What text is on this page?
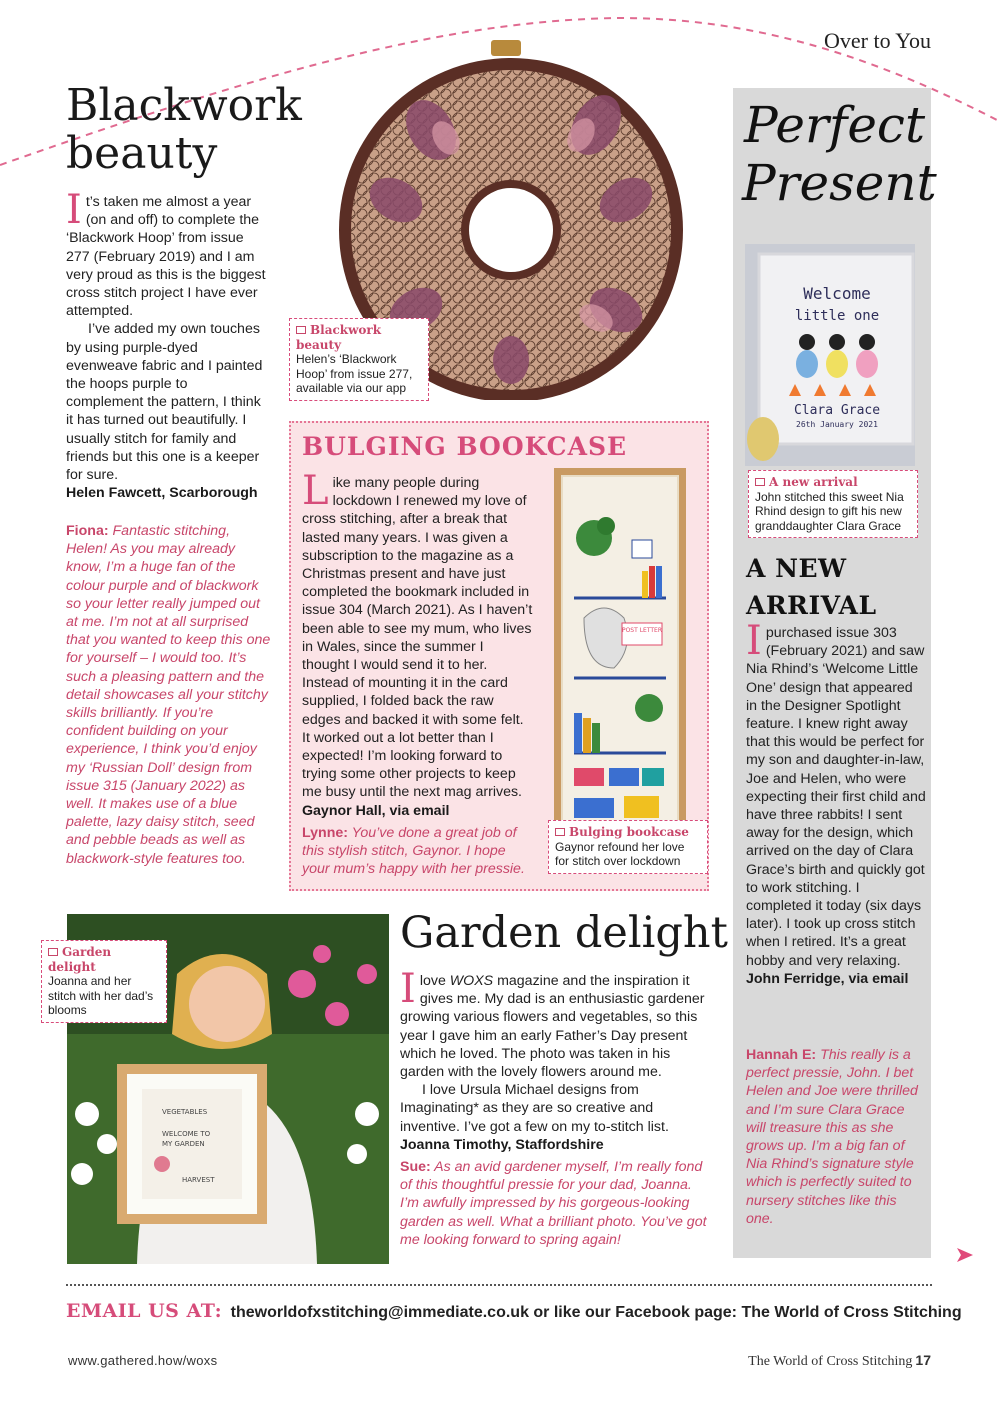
Over to You
Blackwork beauty

It’s taken me almost a year (on and off) to complete the ‘Blackwork Hoop’ from issue 277 (February 2019) and I am very proud as this is the biggest cross stitch project I have ever attempted.

I’ve added my own touches by using purple-dyed evenweave fabric and I painted the hoops purple to complement the pattern, I think it has turned out beautifully. I usually stitch for family and friends but this one is a keeper for sure.

Helen Fawcett, Scarborough

Fiona: Fantastic stitching, Helen! As you may already know, I’m a huge fan of the colour purple and of blackwork so your letter really jumped out at me. I’m not at all surprised that you wanted to keep this one for yourself – I would too. It’s such a pleasing pattern and the detail showcases all your stitchy skills brilliantly. If you’re confident building on your experience, I think you’d enjoy my ‘Russian Doll’ design from issue 315 (January 2022) as well. It makes use of a blue palette, lazy daisy stitch, seed and pebble beads as well as blackwork-style features too.
Blackwork beauty
Helen’s ‘Blackwork Hoop’ from issue 277, available via our app
BULGING BOOKCASE

Like many people during lockdown I renewed my love of cross stitching, after a break that lasted many years. I was given a subscription to the magazine as a Christmas present and have just completed the bookmark included in issue 304 (March 2021). As I haven’t been able to see my mum, who lives in Wales, since the summer I thought I would send it to her. Instead of mounting it in the card supplied, I folded back the raw edges and backed it with some felt. It worked out a lot better than I expected! I’m looking forward to trying some other projects to keep me busy until the next mag arrives.

Gaynor Hall, via email

Lynne: You’ve done a great job of this stylish stitch, Gaynor. I hope your mum’s happy with her pressie.
POST LETTER
Bulging bookcase
Gaynor refound her love for stitch over lockdown
VEGETABLES
WELCOME TO
MY GARDEN
HARVEST
Garden delight
Joanna and her stitch with her dad’s blooms
Garden delight

Ilove WOXS magazine and the inspiration it gives me. My dad is an enthusiastic gardener growing various flowers and vegetables, so this year I gave him an early Father’s Day present which he loved. The photo was taken in his garden with the lovely flowers around me.

I love Ursula Michael designs from Imaginating* as they are so creative and inventive. I’ve got a few on my to-stitch list.

Joanna Timothy, Staffordshire

Sue: As an avid gardener myself, I’m really fond of this thoughtful pressie for your dad, Joanna. I’m awfully impressed by his gorgeous-looking garden as well. What a brilliant photo. You’ve got me looking forward to spring again!
Perfect
Present
Welcome
little one
Clara Grace
26th January 2021
A new arrival
John stitched this sweet Nia Rhind design to gift his new granddaughter Clara Grace
A NEW
ARRIVAL

Ipurchased issue 303 (February 2021) and saw Nia Rhind’s ‘Welcome Little One’ design that appeared in the Designer Spotlight feature. I knew right away that this would be perfect for my son and daughter-in-law, Joe and Helen, who were expecting their first child and have three rabbits! I sent away for the design, which arrived on the day of Clara Grace’s birth and quickly got to work stitching. I completed it today (six days later). I took up cross stitch when I retired. It’s a great hobby and very relaxing.

John Ferridge, via email

Hannah E: This really is a perfect pressie, John. I bet Helen and Joe were thrilled and I’m sure Clara Grace will treasure this as she grows up. I’m a big fan of Nia Rhind’s signature style which is perfectly suited to nursery stitches like this one.
EMAIL US AT: theworldofxstitching@immediate.co.uk or like our Facebook page: The World of Cross Stitching
www.gathered.how/woxs	The World of Cross Stitching 17
